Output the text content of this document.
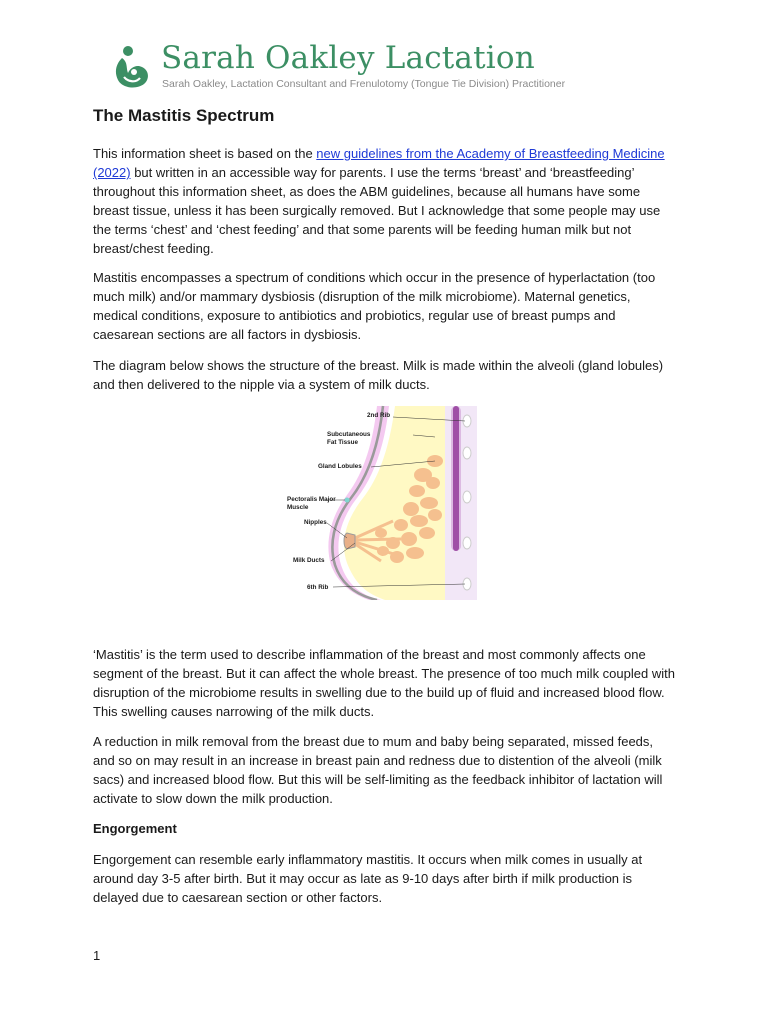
Sarah Oakley Lactation
Sarah Oakley, Lactation Consultant and Frenulotomy (Tongue Tie Division) Practitioner
The Mastitis Spectrum

This information sheet is based on the new guidelines from the Academy of Breastfeeding Medicine (2022) but written in an accessible way for parents. I use the terms ‘breast’ and ‘breastfeeding’ throughout this information sheet, as does the ABM guidelines, because all humans have some breast tissue, unless it has been surgically removed. But I acknowledge that some people may use the terms ‘chest’ and ‘chest feeding’ and that some parents will be feeding human milk but not breast/chest feeding.

Mastitis encompasses a spectrum of conditions which occur in the presence of hyperlactation (too much milk) and/or mammary dysbiosis (disruption of the milk microbiome). Maternal genetics, medical conditions, exposure to antibiotics and probiotics, regular use of breast pumps and caesarean sections are all factors in dysbiosis.

The diagram below shows the structure of the breast. Milk is made within the alveoli (gland lobules) and then delivered to the nipple via a system of milk ducts.

‘Mastitis’ is the term used to describe inflammation of the breast and most commonly affects one segment of the breast. But it can affect the whole breast. The presence of too much milk coupled with disruption of the microbiome results in swelling due to the build up of fluid and increased blood flow. This swelling causes narrowing of the milk ducts.

A reduction in milk removal from the breast due to mum and baby being separated, missed feeds, and so on may result in an increase in breast pain and redness due to distention of the alveoli (milk sacs) and increased blood flow. But this will be self-limiting as the feedback inhibitor of lactation will activate to slow down the milk production.

Engorgement

Engorgement can resemble early inflammatory mastitis. It occurs when milk comes in usually at around day 3-5 after birth. But it may occur as late as 9-10 days after birth if milk production is delayed due to caesarean section or other factors.

2nd Rib
Subcutaneous
Fat Tissue
Gland Lobules
Pectoralis Major
Muscle
Nipples
Milk Ducts
6th Rib
1
